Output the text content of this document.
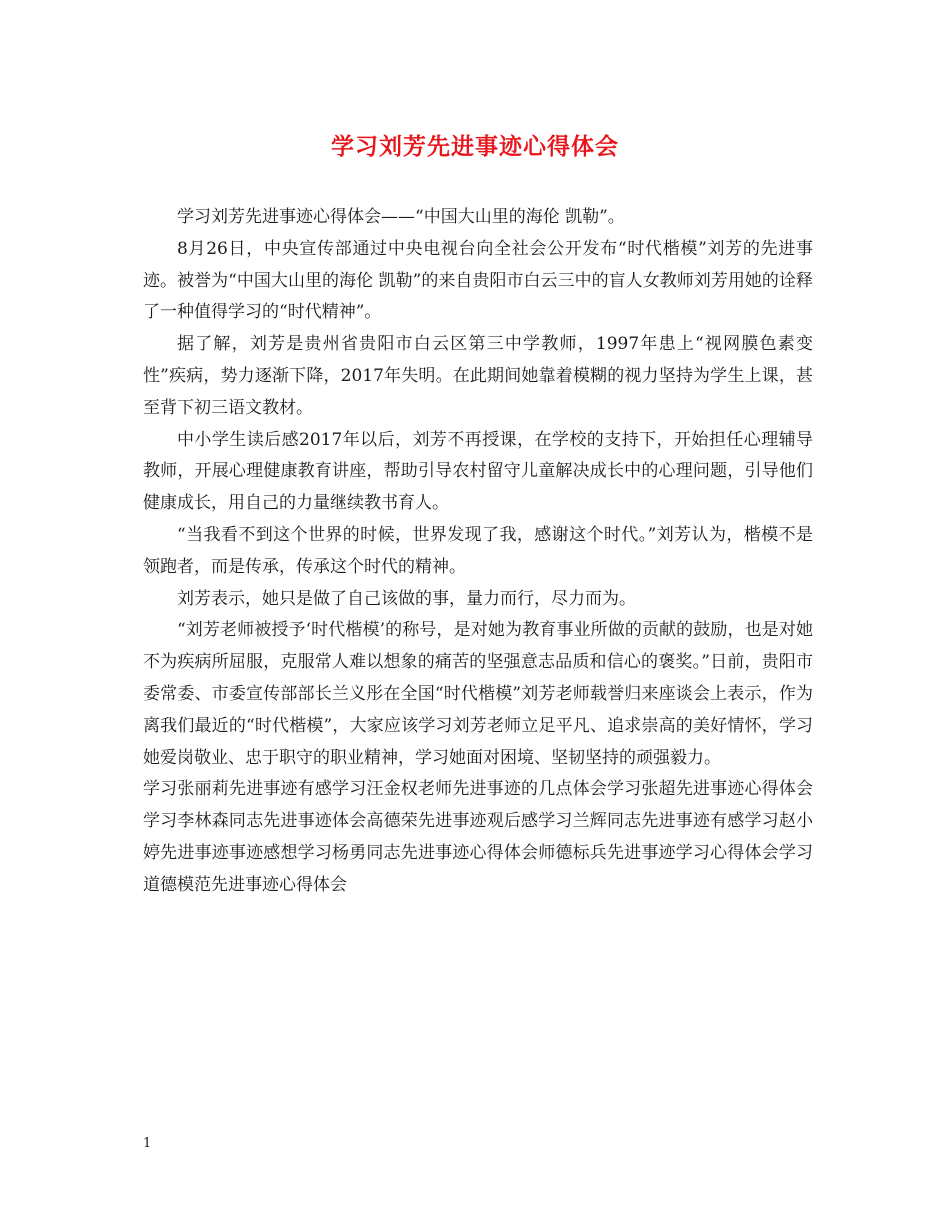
学习刘芳先进事迹心得体会

学习刘芳先进事迹心得体会——“中国大山里的海伦 凯勒”。

8月26日，中央宣传部通过中央电视台向全社会公开发布“时代楷模”刘芳的先进事迹。被誉为“中国大山里的海伦 凯勒”的来自贵阳市白云三中的盲人女教师刘芳用她的诠释了一种值得学习的“时代精神”。

据了解，刘芳是贵州省贵阳市白云区第三中学教师，1997年患上“视网膜色素变性”疾病，势力逐渐下降，2017年失明。在此期间她靠着模糊的视力坚持为学生上课，甚至背下初三语文教材。

中小学生读后感2017年以后，刘芳不再授课，在学校的支持下，开始担任心理辅导教师，开展心理健康教育讲座，帮助引导农村留守儿童解决成长中的心理问题，引导他们健康成长，用自己的力量继续教书育人。

“当我看不到这个世界的时候，世界发现了我，感谢这个时代。”刘芳认为，楷模不是领跑者，而是传承，传承这个时代的精神。

刘芳表示，她只是做了自己该做的事，量力而行，尽力而为。

“刘芳老师被授予‘时代楷模’的称号，是对她为教育事业所做的贡献的鼓励，也是对她不为疾病所屈服，克服常人难以想象的痛苦的坚强意志品质和信心的褒奖。”日前，贵阳市委常委、市委宣传部部长兰义彤在全国“时代楷模”刘芳老师载誉归来座谈会上表示，作为离我们最近的“时代楷模”，大家应该学习刘芳老师立足平凡、追求崇高的美好情怀，学习她爱岗敬业、忠于职守的职业精神，学习她面对困境、坚韧坚持的顽强毅力。

学习张丽莉先进事迹有感学习汪金权老师先进事迹的几点体会学习张超先进事迹心得体会学习李林森同志先进事迹体会高德荣先进事迹观后感学习兰辉同志先进事迹有感学习赵小婷先进事迹事迹感想学习杨勇同志先进事迹心得体会师德标兵先进事迹学习心得体会学习道德模范先进事迹心得体会

1
